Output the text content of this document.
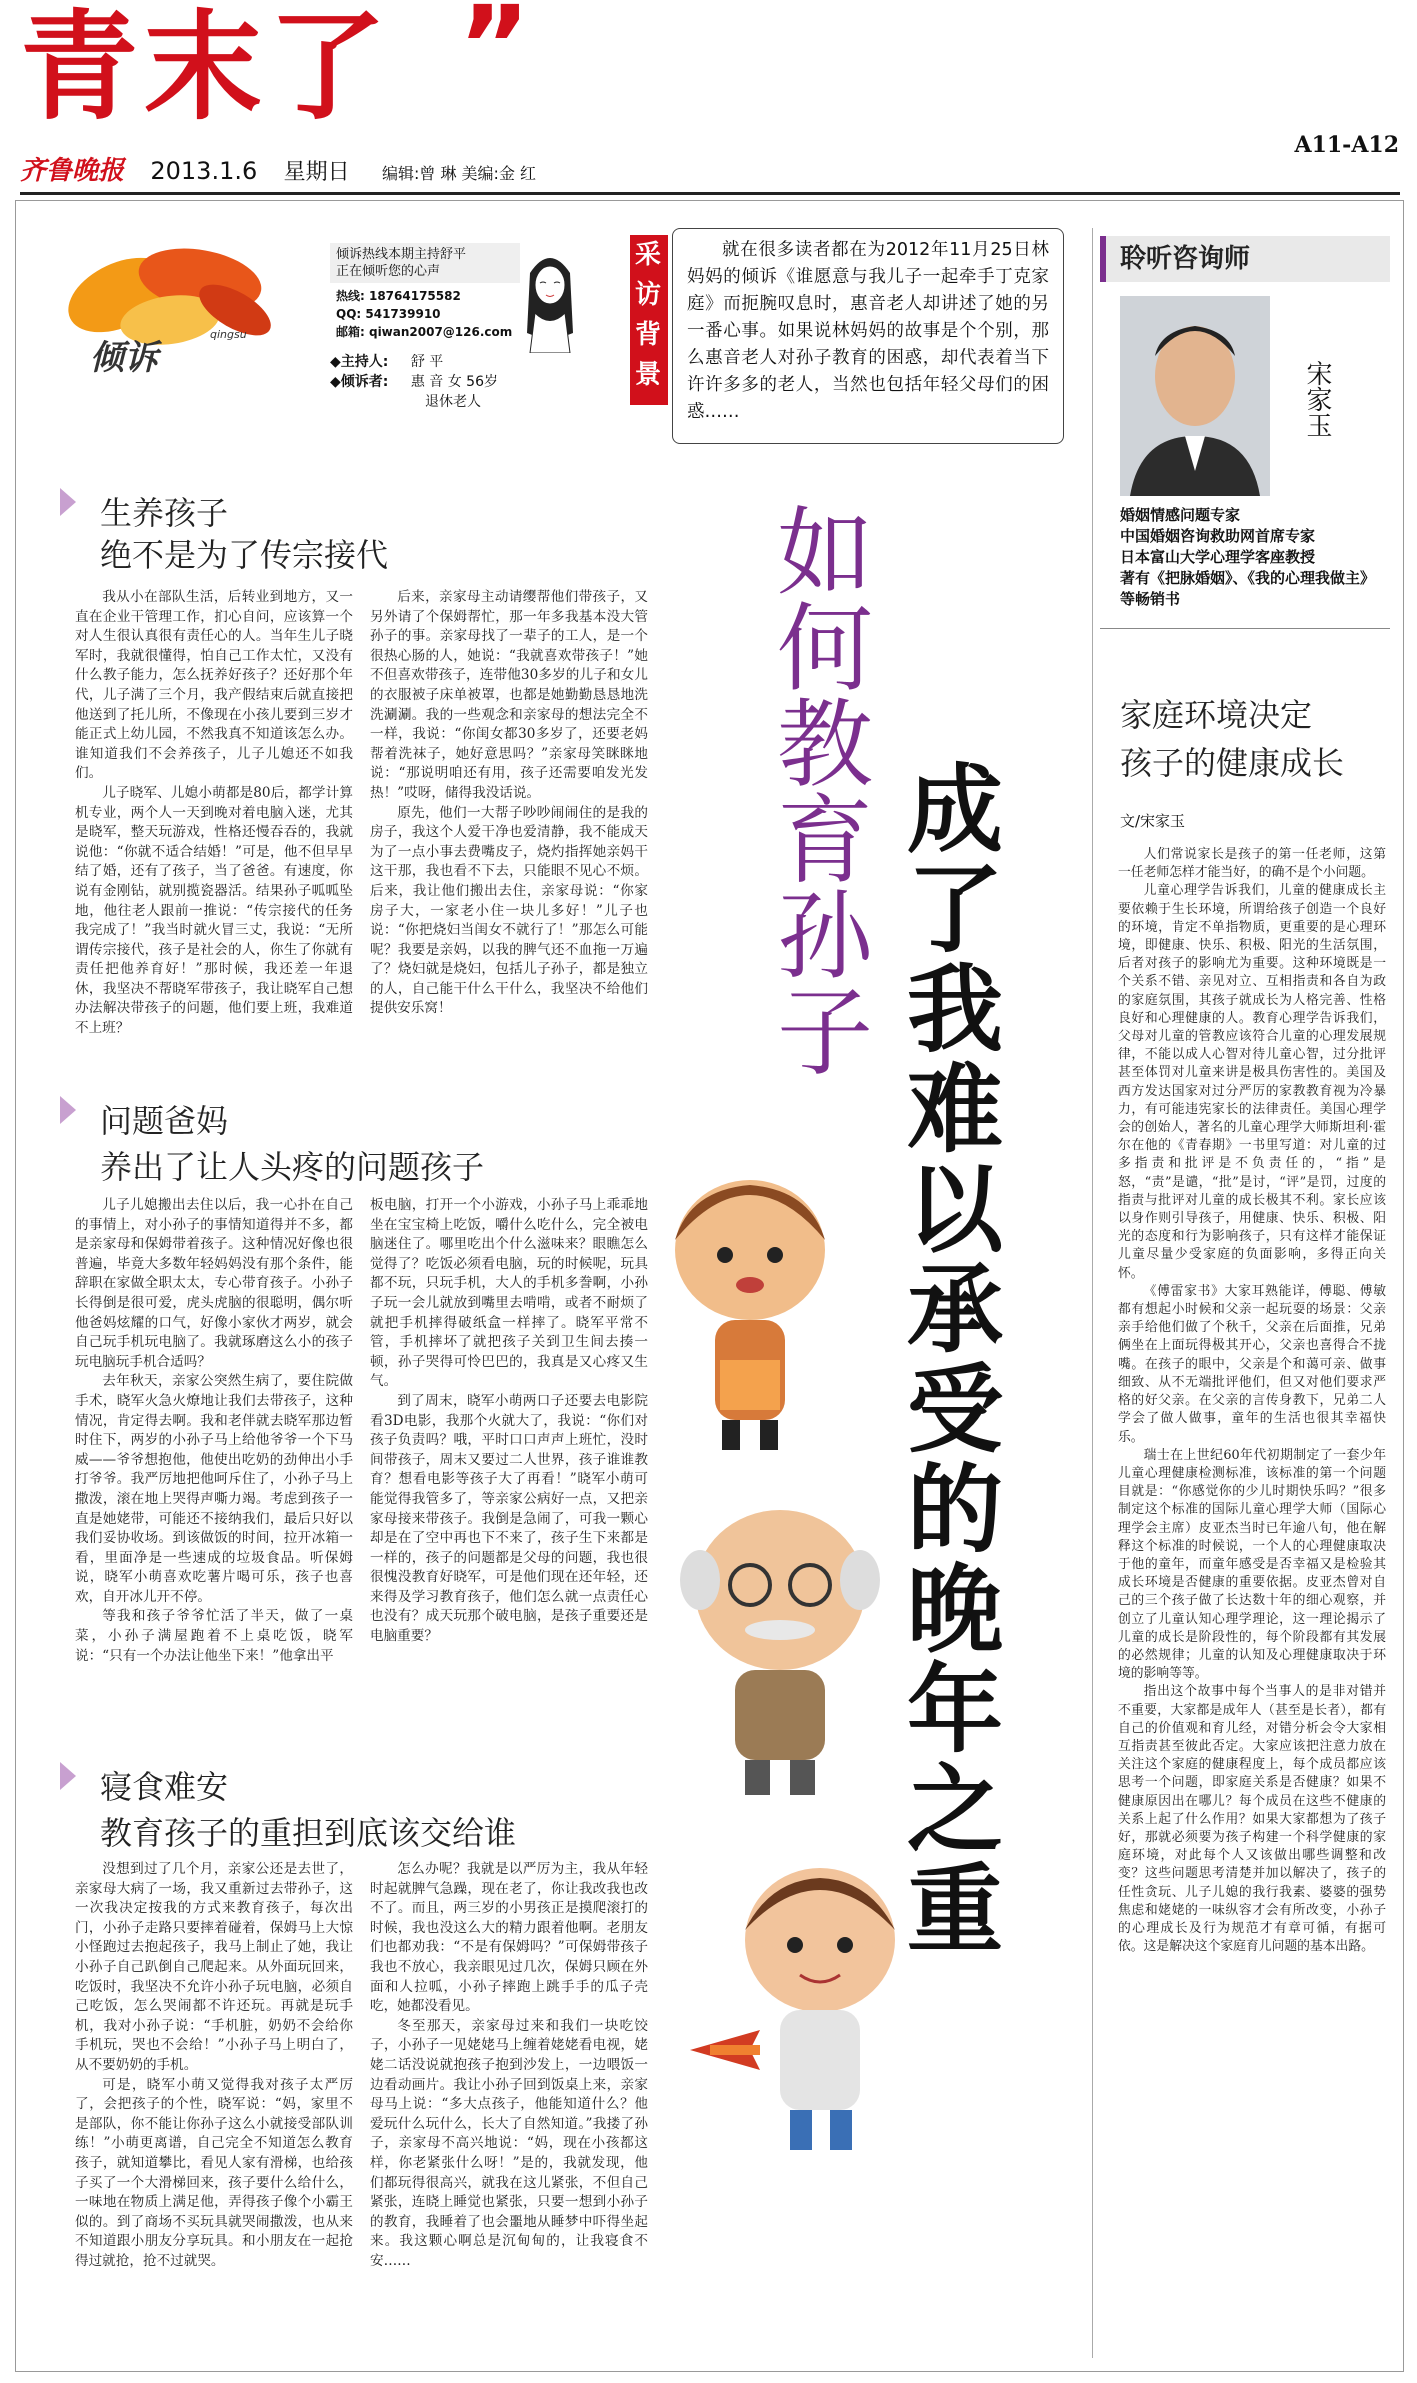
青末了 ”
齐鲁晚报 2013.1.6 星期日 编辑:曾 琳 美编:金 红
A11-A12
倾诉
qingsu
倾诉热线本期主持舒平
正在倾听您的心声
热线: 18764175582
QQ: 541739910
邮箱: qiwan2007@126.com
◆主持人: 舒 平
◆倾诉者: 惠 音 女 56岁
退休老人
采
访
背
景
就在很多读者都在为2012年11月25日林妈妈的倾诉《谁愿意与我儿子一起牵手丁克家庭》而扼腕叹息时，惠音老人却讲述了她的另一番心事。如果说林妈妈的故事是个个别，那么惠音老人对孙子教育的困惑，却代表着当下许许多多的老人，当然也包括年轻父母们的困惑……
如
何
教
育
孙
子
成
了
我
难
以
承
受
的
晚
年
之
重
生养孩子
绝不是为了传宗接代

我从小在部队生活，后转业到地方，又一直在企业干管理工作，扪心自问，应该算一个对人生很认真很有责任心的人。当年生儿子晓军时，我就很懂得，怕自己工作太忙，又没有什么教子能力，怎么抚养好孩子？还好那个年代，儿子满了三个月，我产假结束后就直接把他送到了托儿所，不像现在小孩儿要到三岁才能正式上幼儿园，不然我真不知道该怎么办。谁知道我们不会养孩子，儿子儿媳还不如我们。

儿子晓军、儿媳小萌都是80后，都学计算机专业，两个人一天到晚对着电脑入迷，尤其是晓军，整天玩游戏，性格还慢吞吞的，我就说他：“你就不适合结婚！”可是，他不但早早结了婚，还有了孩子，当了爸爸。有速度，你说有金刚钻，就别揽瓷器活。结果孙子呱呱坠地，他往老人跟前一推说：“传宗接代的任务我完成了！”我当时就火冒三丈，我说：“无所谓传宗接代，孩子是社会的人，你生了你就有责任把他养育好！”那时候，我还差一年退休，我坚决不帮晓军带孩子，我让晓军自己想办法解决带孩子的问题，他们要上班，我难道不上班？

后来，亲家母主动请缨帮他们带孩子，又另外请了个保姆帮忙，那一年多我基本没大管孙子的事。亲家母找了一辈子的工人，是一个很热心肠的人，她说：“我就喜欢带孩子！”她不但喜欢带孩子，连带他30多岁的儿子和女儿的衣服被子床单被罩，也都是她勤勤恳恳地洗洗涮涮。我的一些观念和亲家母的想法完全不一样，我说：“你闺女都30多岁了，还要老妈帮着洗袜子，她好意思吗？”亲家母笑眯眯地说：“那说明咱还有用，孩子还需要咱发光发热！”哎呀，储得我没话说。

原先，他们一大帮子吵吵闹闹住的是我的房子，我这个人爱干净也爱清静，我不能成天为了一点小事去费嘴皮子，烧灼指挥她亲妈干这干那，我也看不下去，只能眼不见心不烦。后来，我让他们搬出去住，亲家母说：“你家房子大，一家老小住一块儿多好！”儿子也说：“你把烧妇当闺女不就行了！”那怎么可能呢？我要是亲妈，以我的脾气还不血拖一万遍了？烧妇就是烧妇，包括儿子孙子，都是独立的人，自己能干什么干什么，我坚决不给他们提供安乐窝！

问题爸妈
养出了让人头疼的问题孩子

儿子儿媳搬出去住以后，我一心扑在自己的事情上，对小孙子的事情知道得并不多，都是亲家母和保姆带着孩子。这种情况好像也很普遍，毕竟大多数年轻妈妈没有那个条件，能辞职在家做全职太太，专心带育孩子。小孙子长得倒是很可爱，虎头虎脑的很聪明，偶尔听他爸妈炫耀的口气，好像小家伙才两岁，就会自己玩手机玩电脑了。我就琢磨这么小的孩子玩电脑玩手机合适吗？

去年秋天，亲家公突然生病了，要住院做手术，晓军火急火燎地让我们去带孩子，这种情况，肯定得去啊。我和老伴就去晓军那边暂时住下，两岁的小孙子马上给他爷爷一个下马威——爷爷想抱他，他使出吃奶的劲伸出小手打爷爷。我严厉地把他呵斥住了，小孙子马上撒泼，滚在地上哭得声嘶力竭。考虑到孩子一直是她姥带，可能还不接纳我们，最后只好以我们妥协收场。到该做饭的时间，拉开冰箱一看，里面净是一些速成的垃圾食品。听保姆说，晓军小萌喜欢吃薯片喝可乐，孩子也喜欢，自开冰儿开不停。

等我和孩子爷爷忙活了半天，做了一桌菜，小孙子满屋跑着不上桌吃饭，晓军说：“只有一个办法让他坐下来！”他拿出平

板电脑，打开一个小游戏，小孙子马上乖乖地坐在宝宝椅上吃饭，嚼什么吃什么，完全被电脑迷住了。哪里吃出个什么滋味来？眼瞧怎么觉得了？吃饭必须看电脑，玩的时候呢，玩具都不玩，只玩手机，大人的手机多誊啊，小孙子玩一会儿就放到嘴里去啃啃，或者不耐烦了就把手机摔得破纸盒一样摔了。晓军平常不管，手机摔坏了就把孩子关到卫生间去揍一顿，孙子哭得可怜巴巴的，我真是又心疼又生气。

到了周末，晓军小萌两口子还要去电影院看3D电影，我那个火就大了，我说：“你们对孩子负责吗？哦，平时口口声声上班忙，没时间带孩子，周末又要过二人世界，孩子谁谁教育？想看电影等孩子大了再看！”晓军小萌可能觉得我管多了，等亲家公病好一点，又把亲家母接来带孩子。我倒是急闹了，可我一颗心却是在了空中再也下不来了，孩子生下来都是一样的，孩子的问题都是父母的问题，我也很很愧没教育好晓军，可是他们现在还年轻，还来得及学习教育孩子，他们怎么就一点责任心也没有？成天玩那个破电脑，是孩子重要还是电脑重要？

寝食难安
教育孩子的重担到底该交给谁

没想到过了几个月，亲家公还是去世了，亲家母大病了一场，我又重新过去带孙子，这一次我决定按我的方式来教育孩子，每次出门，小孙子走路只要摔着碰着，保姆马上大惊小怪跑过去抱起孩子，我马上制止了她，我让小孙子自己趴倒自己爬起来。从外面玩回来，吃饭时，我坚决不允许小孙子玩电脑，必须自己吃饭，怎么哭闹都不许还玩。再就是玩手机，我对小孙子说：“手机脏，奶奶不会给你手机玩，哭也不会给！”小孙子马上明白了，从不要奶奶的手机。

可是，晓军小萌又觉得我对孩子太严厉了，会把孩子的个性，晓军说：“妈，家里不是部队，你不能让你孙子这么小就接受部队训练！”小萌更离谱，自己完全不知道怎么教育孩子，就知道攀比，看见人家有滑梯，也给孩子买了一个大滑梯回来，孩子要什么给什么，一味地在物质上满足他，弄得孩子像个小霸王似的。到了商场不买玩具就哭闹撒泼，也从来不知道跟小朋友分享玩具。和小朋友在一起抢得过就抢，抢不过就哭。

怎么办呢？我就是以严厉为主，我从年轻时起就脾气急躁，现在老了，你让我改我也改不了。而且，两三岁的小男孩正是摸爬滚打的时候，我也没这么大的精力跟着他啊。老朋友们也都劝我：“不是有保姆吗？”可保姆带孩子我也不放心，我亲眼见过几次，保姆只顾在外面和人拉呱，小孙子摔跑上跳手手的瓜子壳吃，她都没看见。

冬至那天，亲家母过来和我们一块吃饺子，小孙子一见姥姥马上缠着姥姥看电视，姥姥二话没说就抱孩子抱到沙发上，一边喂饭一边看动画片。我让小孙子回到饭桌上来，亲家母马上说：“多大点孩子，他能知道什么？他爱玩什么玩什么，长大了自然知道。”我搂了孙子，亲家母不高兴地说：“妈，现在小孩都这样，你老紧张什么呀！”是的，我就发现，他们都玩得很高兴，就我在这儿紧张，不但自己紧张，连晓上睡觉也紧张，只要一想到小孙子的教育，我睡着了也会噩地从睡梦中吓得坐起来。我这颗心啊总是沉甸甸的，让我寝食不安……

聆听咨询师
宋家玉
婚姻情感问题专家
中国婚姻咨询救助网首席专家
日本富山大学心理学客座教授
著有《把脉婚姻》、《我的心理我做主》
等畅销书
家庭环境决定
孩子的健康成长
文/宋家玉

人们常说家长是孩子的第一任老师，这第一任老师怎样才能当好，的确不是个小问题。

儿童心理学告诉我们，儿童的健康成长主要依赖于生长环境，所谓给孩子创造一个良好的环境，肯定不单指物质，更重要的是心理环境，即健康、快乐、积极、阳光的生活氛围，后者对孩子的影响尤为重要。这种环境既是一个关系不错、亲见对立、互相指责和各自为政的家庭氛围，其孩子就成长为人格完善、性格良好和心理健康的人。教育心理学告诉我们，父母对儿童的管教应该符合儿童的心理发展规律，不能以成人心智对待儿童心智，过分批评甚至体罚对儿童来讲是极具伤害性的。美国及西方发达国家对过分严厉的家教教育视为冷暴力，有可能违宪家长的法律责任。美国心理学会的创始人，著名的儿童心理学大师斯坦利·霍尔在他的《青春期》一书里写道：对儿童的过多指责和批评是不负责任的，“指”是怒，“责”是谴，“批”是讨，“评”是罚，过度的指责与批评对儿童的成长极其不利。家长应该以身作则引导孩子，用健康、快乐、积极、阳光的态度和行为影响孩子，只有这样才能保证儿童尽量少受家庭的负面影响，多得正向关怀。

《傅雷家书》大家耳熟能详，傅聪、傅敏都有想起小时候和父亲一起玩耍的场景：父亲亲手给他们做了个秋千，父亲在后面推，兄弟俩坐在上面玩得极其开心，父亲也喜得合不拢嘴。在孩子的眼中，父亲是个和蔼可亲、做事细致、从不无端批评他们，但又对他们要求严格的好父亲。在父亲的言传身教下，兄弟二人学会了做人做事，童年的生活也很其幸福快乐。

瑞士在上世纪60年代初期制定了一套少年儿童心理健康检测标准，该标准的第一个问题目就是：“你感觉你的少儿时期快乐吗？”很多制定这个标准的国际儿童心理学大师（国际心理学会主席）皮亚杰当时已年逾八旬，他在解释这个标准的时候说，一个人的心理健康取决于他的童年，而童年感受是否幸福又是检验其成长环境是否健康的重要依据。皮亚杰曾对自己的三个孩子做了长达数十年的细心观察，并创立了儿童认知心理学理论，这一理论揭示了儿童的成长是阶段性的，每个阶段都有其发展的必然规律；儿童的认知及心理健康取决于环境的影响等等。

指出这个故事中每个当事人的是非对错并不重要，大家都是成年人（甚至是长者），都有自己的价值观和育儿经，对错分析会令大家相互指责甚至彼此否定。大家应该把注意力放在关注这个家庭的健康程度上，每个成员都应该思考一个问题，即家庭关系是否健康？如果不健康原因出在哪儿？每个成员在这些不健康的关系上起了什么作用？如果大家都想为了孩子好，那就必须要为孩子构建一个科学健康的家庭环境，对此每个人又该做出哪些调整和改变？这些问题思考清楚并加以解决了，孩子的任性贪玩、儿子儿媳的我行我素、婆婆的强势焦虑和姥姥的一味纵容才会有所改变，小孙子的心理成长及行为规范才有章可循，有据可依。这是解决这个家庭育儿问题的基本出路。
